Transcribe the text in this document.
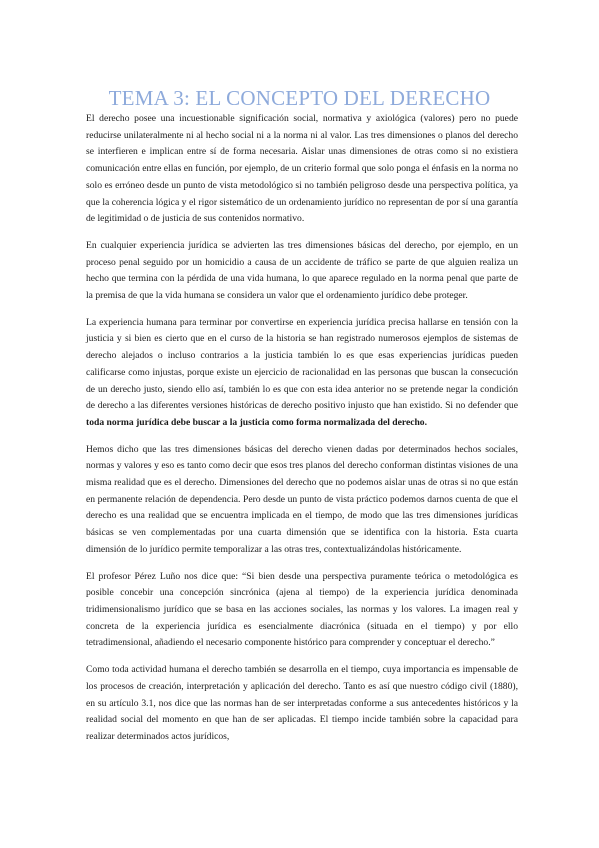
TEMA 3: EL CONCEPTO DEL DERECHO

El derecho posee una incuestionable significación social, normativa y axiológica (valores) pero no puede reducirse unilateralmente ni al hecho social ni a la norma ni al valor. Las tres dimensiones o planos del derecho se interfieren e implican entre sí de forma necesaria. Aislar unas dimensiones de otras como si no existiera comunicación entre ellas en función, por ejemplo, de un criterio formal que solo ponga el énfasis en la norma no solo es erróneo desde un punto de vista metodológico si no también peligroso desde una perspectiva política, ya que la coherencia lógica y el rigor sistemático de un ordenamiento jurídico no representan de por sí una garantía de legitimidad o de justicia de sus contenidos normativo.

En cualquier experiencia jurídica se advierten las tres dimensiones básicas del derecho, por ejemplo, en un proceso penal seguido por un homicidio a causa de un accidente de tráfico se parte de que alguien realiza un hecho que termina con la pérdida de una vida humana, lo que aparece regulado en la norma penal que parte de la premisa de que la vida humana se considera un valor que el ordenamiento jurídico debe proteger.

La experiencia humana para terminar por convertirse en experiencia jurídica precisa hallarse en tensión con la justicia y si bien es cierto que en el curso de la historia se han registrado numerosos ejemplos de sistemas de derecho alejados o incluso contrarios a la justicia también lo es que esas experiencias jurídicas pueden calificarse como injustas, porque existe un ejercicio de racionalidad en las personas que buscan la consecución de un derecho justo, siendo ello así, también lo es que con esta idea anterior no se pretende negar la condición de derecho a las diferentes versiones históricas de derecho positivo injusto que han existido. Si no defender que toda norma jurídica debe buscar a la justicia como forma normalizada del derecho.

Hemos dicho que las tres dimensiones básicas del derecho vienen dadas por determinados hechos sociales, normas y valores y eso es tanto como decir que esos tres planos del derecho conforman distintas visiones de una misma realidad que es el derecho. Dimensiones del derecho que no podemos aislar unas de otras si no que están en permanente relación de dependencia. Pero desde un punto de vista práctico podemos darnos cuenta de que el derecho es una realidad que se encuentra implicada en el tiempo, de modo que las tres dimensiones jurídicas básicas se ven complementadas por una cuarta dimensión que se identifica con la historia. Esta cuarta dimensión de lo jurídico permite temporalizar a las otras tres, contextualizándolas históricamente.

El profesor Pérez Luño nos dice que: “Si bien desde una perspectiva puramente teórica o metodológica es posible concebir una concepción sincrónica (ajena al tiempo) de la experiencia jurídica denominada tridimensionalismo jurídico que se basa en las acciones sociales, las normas y los valores. La imagen real y concreta de la experiencia jurídica es esencialmente diacrónica (situada en el tiempo) y por ello tetradimensional, añadiendo el necesario componente histórico para comprender y conceptuar el derecho.”

Como toda actividad humana el derecho también se desarrolla en el tiempo, cuya importancia es impensable de los procesos de creación, interpretación y aplicación del derecho. Tanto es así que nuestro código civil (1880), en su artículo 3.1, nos dice que las normas han de ser interpretadas conforme a sus antecedentes históricos y la realidad social del momento en que han de ser aplicadas. El tiempo incide también sobre la capacidad para realizar determinados actos jurídicos,
